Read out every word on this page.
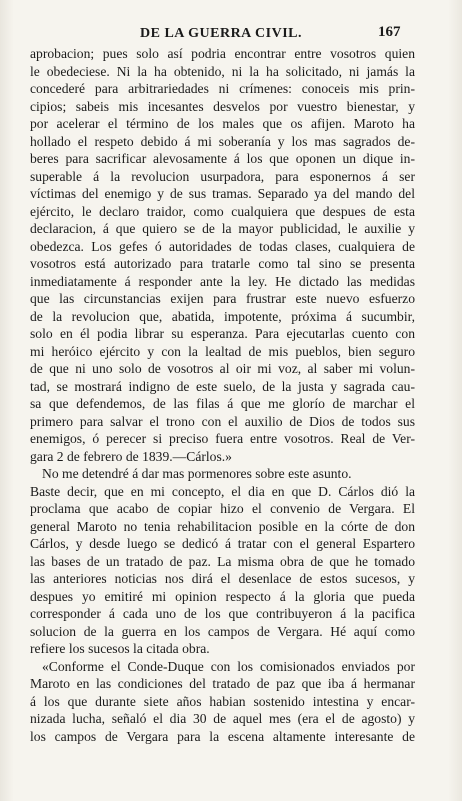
DE LA GUERRA CIVIL.	167
aprobacion; pues solo así podria encontrar entre vosotros quien
le obedeciese. Ni la ha obtenido, ni la ha solicitado, ni jamás la
concederé para arbitrariedades ni crímenes: conoceis mis prin-
cipios; sabeis mis incesantes desvelos por vuestro bienestar, y
por acelerar el término de los males que os afijen. Maroto ha
hollado el respeto debido á mi soberanía y los mas sagrados de-
beres para sacrificar alevosamente á los que oponen un dique in-
superable á la revolucion usurpadora, para esponernos á ser
víctimas del enemigo y de sus tramas. Separado ya del mando del
ejército, le declaro traidor, como cualquiera que despues de esta
declaracion, á que quiero se de la mayor publicidad, le auxilie y
obedezca. Los gefes ó autoridades de todas clases, cualquiera de
vosotros está autorizado para tratarle como tal sino se presenta
inmediatamente á responder ante la ley. He dictado las medidas
que las circunstancias exijen para frustrar este nuevo esfuerzo
de la revolucion que, abatida, impotente, próxima á sucumbir,
solo en él podia librar su esperanza. Para ejecutarlas cuento con
mi heróico ejército y con la lealtad de mis pueblos, bien seguro
de que ni uno solo de vosotros al oir mi voz, al saber mi volun-
tad, se mostrará indigno de este suelo, de la justa y sagrada cau-
sa que defendemos, de las filas á que me glorío de marchar el
primero para salvar el trono con el auxilio de Dios de todos sus
enemigos, ó perecer si preciso fuera entre vosotros. Real de Ver-
gara 2 de febrero de 1839.—Cárlos.»
No me detendré á dar mas pormenores sobre este asunto.
Baste decir, que en mi concepto, el dia en que D. Cárlos dió la
proclama que acabo de copiar hizo el convenio de Vergara. El
general Maroto no tenia rehabilitacion posible en la córte de don
Cárlos, y desde luego se dedicó á tratar con el general Espartero
las bases de un tratado de paz. La misma obra de que he tomado
las anteriores noticias nos dirá el desenlace de estos sucesos, y
despues yo emitiré mi opinion respecto á la gloria que pueda
corresponder á cada uno de los que contribuyeron á la pacifica
solucion de la guerra en los campos de Vergara. Hé aquí como
refiere los sucesos la citada obra.
«Conforme el Conde-Duque con los comisionados enviados por
Maroto en las condiciones del tratado de paz que iba á hermanar
á los que durante siete años habian sostenido intestina y encar-
nizada lucha, señaló el dia 30 de aquel mes (era el de agosto) y
los campos de Vergara para la escena altamente interesante de
